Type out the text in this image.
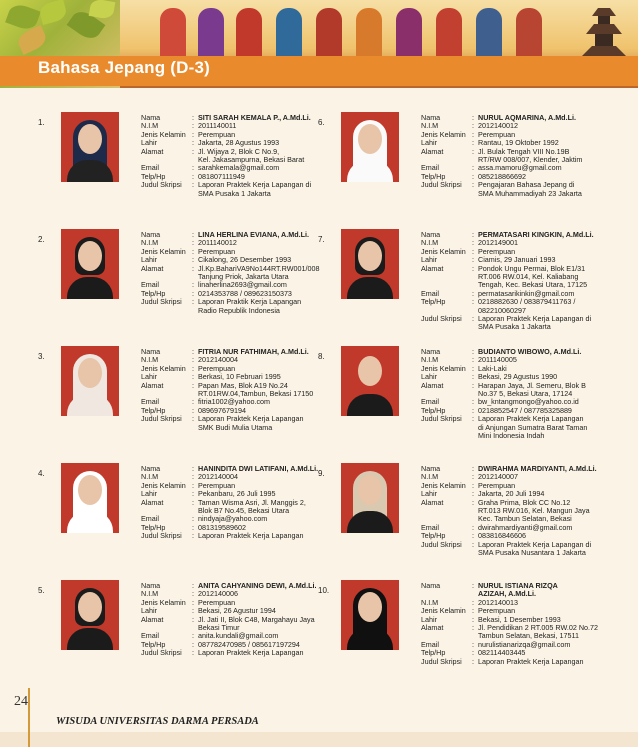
Bahasa Jepang (D-3)
1.
Nama	: SITI SARAH KEMALA P., A.Md.Li.
N.I.M	: 2011140011
Jenis Kelamin : Perempuan
Lahir	: Jakarta, 28 Agustus 1993
Alamat	: Jl. Wijaya 2, Blok C No.9,
Kel. Jakasampurna, Bekasi Barat
Email	: sarahkemala@gmail.com
Telp/Hp	: 081807111949
Judul Skripsi	: Laporan Praktek Kerja Lapangan di
SMA Pusaka 1 Jakarta
2.
Nama	: LINA HERLINA EVIANA, A.Md.Li.
N.I.M	: 2011140012
Jenis Kelamin : Perempuan
Lahir	: Cikalong, 26 Desember 1993
Alamat	: Jl.Kp.BahariVA9No144RT.RW001/008
Tanjung Priok, Jakarta Utara
Email	: linaherlina2693@gmail.com
Telp/Hp	: 0214353788 / 089623150373
Judul Skripsi	: Laporan Praktik Kerja Lapangan
Radio Republik Indonesia
3.
Nama	: FITRIA NUR FATHIMAH, A.Md.Li.
N.I.M	: 2012140004
Jenis Kelamin : Perempuan
Lahir	: Berkasi, 10 Februari 1995
Alamat	: Papan Mas, Blok A19 No.24
RT.01RW.04,Tambun, Bekasi 17150
Email	: fitria1002@yahoo.com
Telp/Hp	: 089697679194
Judul Skripsi	: Laporan Praktek Kerja Lapangan
SMK Budi Mulia Utama
4.
Nama	: HANINDITA DWI LATIFANI, A.Md.Li.
N.I.M	: 2012140004
Jenis Kelamin : Perempuan
Lahir	: Pekanbaru, 26 Juli 1995
Alamat	: Taman Wisma Asri, Jl. Manggis 2,
Blok B7 No.45, Bekasi Utara
Email	: nindyaja@yahoo.com
Telp/Hp	: 081319589602
Judul Skripsi	: Laporan Praktek Kerja Lapangan
5.
Nama	: ANITA CAHYANING DEWI, A.Md.Li.
N.I.M	: 2012140006
Jenis Kelamin : Perempuan
Lahir	: Bekasi, 26 Agustur 1994
Alamat	: Jl. Jati II, Blok C48, Margahayu Jaya
Bekasi Timur
Email	: anita.kundali@gmail.com
Telp/Hp	: 087782470985 / 085617197294
Judul Skripsi	: Laporan Praktek Kerja Lapangan
6.
Nama	: NURUL AQMARINA, A.Md.Li.
N.I.M	: 2012140012
Jenis Kelamin : Perempuan
Lahir	: Rantau, 19 Oktober 1992
Alamat	: Jl. Bulak Tengah VIII No.19B
RT/RW 008/007, Klender, Jaktim
Email	: assa.mamoru@gmail.com
Telp/Hp	: 085218866692
Judul Skripsi	: Pengajaran Bahasa Jepang di
SMA Muhammadiyah 23 Jakarta
7.
Nama	: PERMATASARI KINGKIN, A.Md.Li.
N.I.M	: 2012149001
Jenis Kelamin : Perempuan
Lahir	: Ciamis, 29 Januari 1993
Alamat	: Pondok Ungu Permai, Blok E1/31
RT.006 RW.014, Kel. Kaliabang
Tengah, Kec. Bekasi Utara, 17125
Email	: permatasarikinkin@gmail.com
Telp/Hp	: 0218882630 / 083879411763 /
082210060297
Judul Skripsi	: Laporan Praktek Kerja Lapangan di
SMA Pusaka 1 Jakarta
8.
Nama	: BUDIANTO WIBOWO, A.Md.Li.
N.I.M	: 2011140005
Jenis Kelamin : Laki-Laki
Lahir	: Bekasi, 29 Agustus 1990
Alamat	: Harapan Jaya, Jl. Semeru, Blok B
No.37 5, Bekasi Utara, 17124
Email	: bw_kntangmongo@yahoo.co.id
Telp/Hp	: 0218852547 / 087785325889
Judul Skripsi	: Laporan Praktek Kerja Lapangan
di Anjungan Sumatra Barat Taman
Mini Indonesia Indah
9.
Nama	: DWIRAHMA MARDIYANTI, A.Md.Li.
N.I.M	: 2012140007
Jenis Kelamin : Perempuan
Lahir	: Jakarta, 20 Juli 1994
Alamat	: Graha Prima, Blok CC No.12
RT.013 RW.016, Kel. Mangun Jaya
Kec. Tambun Selatan, Bekasi
Email	: dwirahmardiyanti@gmail.com
Telp/Hp	: 083816846606
Judul Skripsi	: Laporan Praktek Kerja Lapangan di
SMA Pusaka Nusantara 1 Jakarta
10.
Nama	: NURUL ISTIANA RIZQA
AZIZAH, A.Md.Li.
N.I.M	: 2012140013
Jenis Kelamin : Perempuan
Lahir	: Bekasi, 1 Desember 1993
Alamat	: Jl. Pendidikan 2 RT.005 RW.02 No.72
Tambun Selatan, Bekasi, 17511
Email	: nurulistianarizqa@gmail.com
Telp/Hp	: 082114403445
Judul Skripsi	: Laporan Praktek Kerja Lapangan
24
WISUDA UNIVERSITAS DARMA PERSADA
